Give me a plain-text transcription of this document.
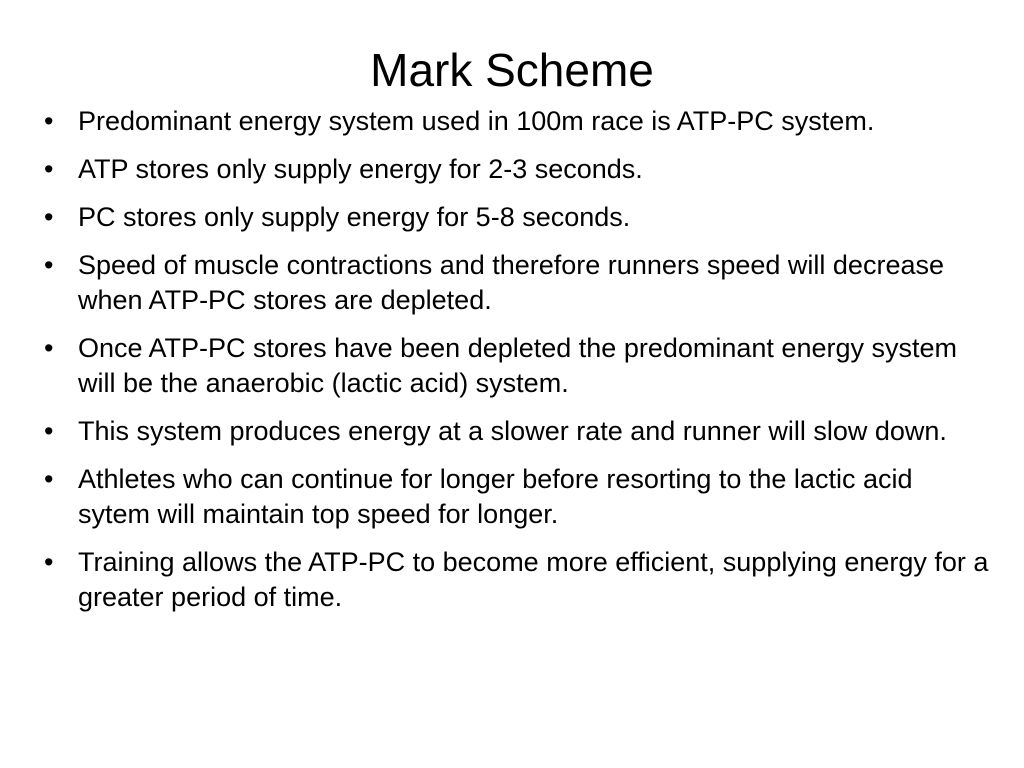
Mark Scheme
• Predominant energy system used in 100m race is ATP-PC system.
• ATP stores only supply energy for 2-3 seconds.
• PC stores only supply energy for 5-8 seconds.
• Speed of muscle contractions and therefore runners speed will decrease when ATP-PC stores are depleted.
• Once ATP-PC stores have been depleted the predominant energy system will be the anaerobic (lactic acid) system.
• This system produces energy at a slower rate and runner will slow down.
• Athletes who can continue for longer before resorting to the lactic acid sytem will maintain top speed for longer.
• Training allows the ATP-PC to become more efficient, supplying energy for a greater period of time.
